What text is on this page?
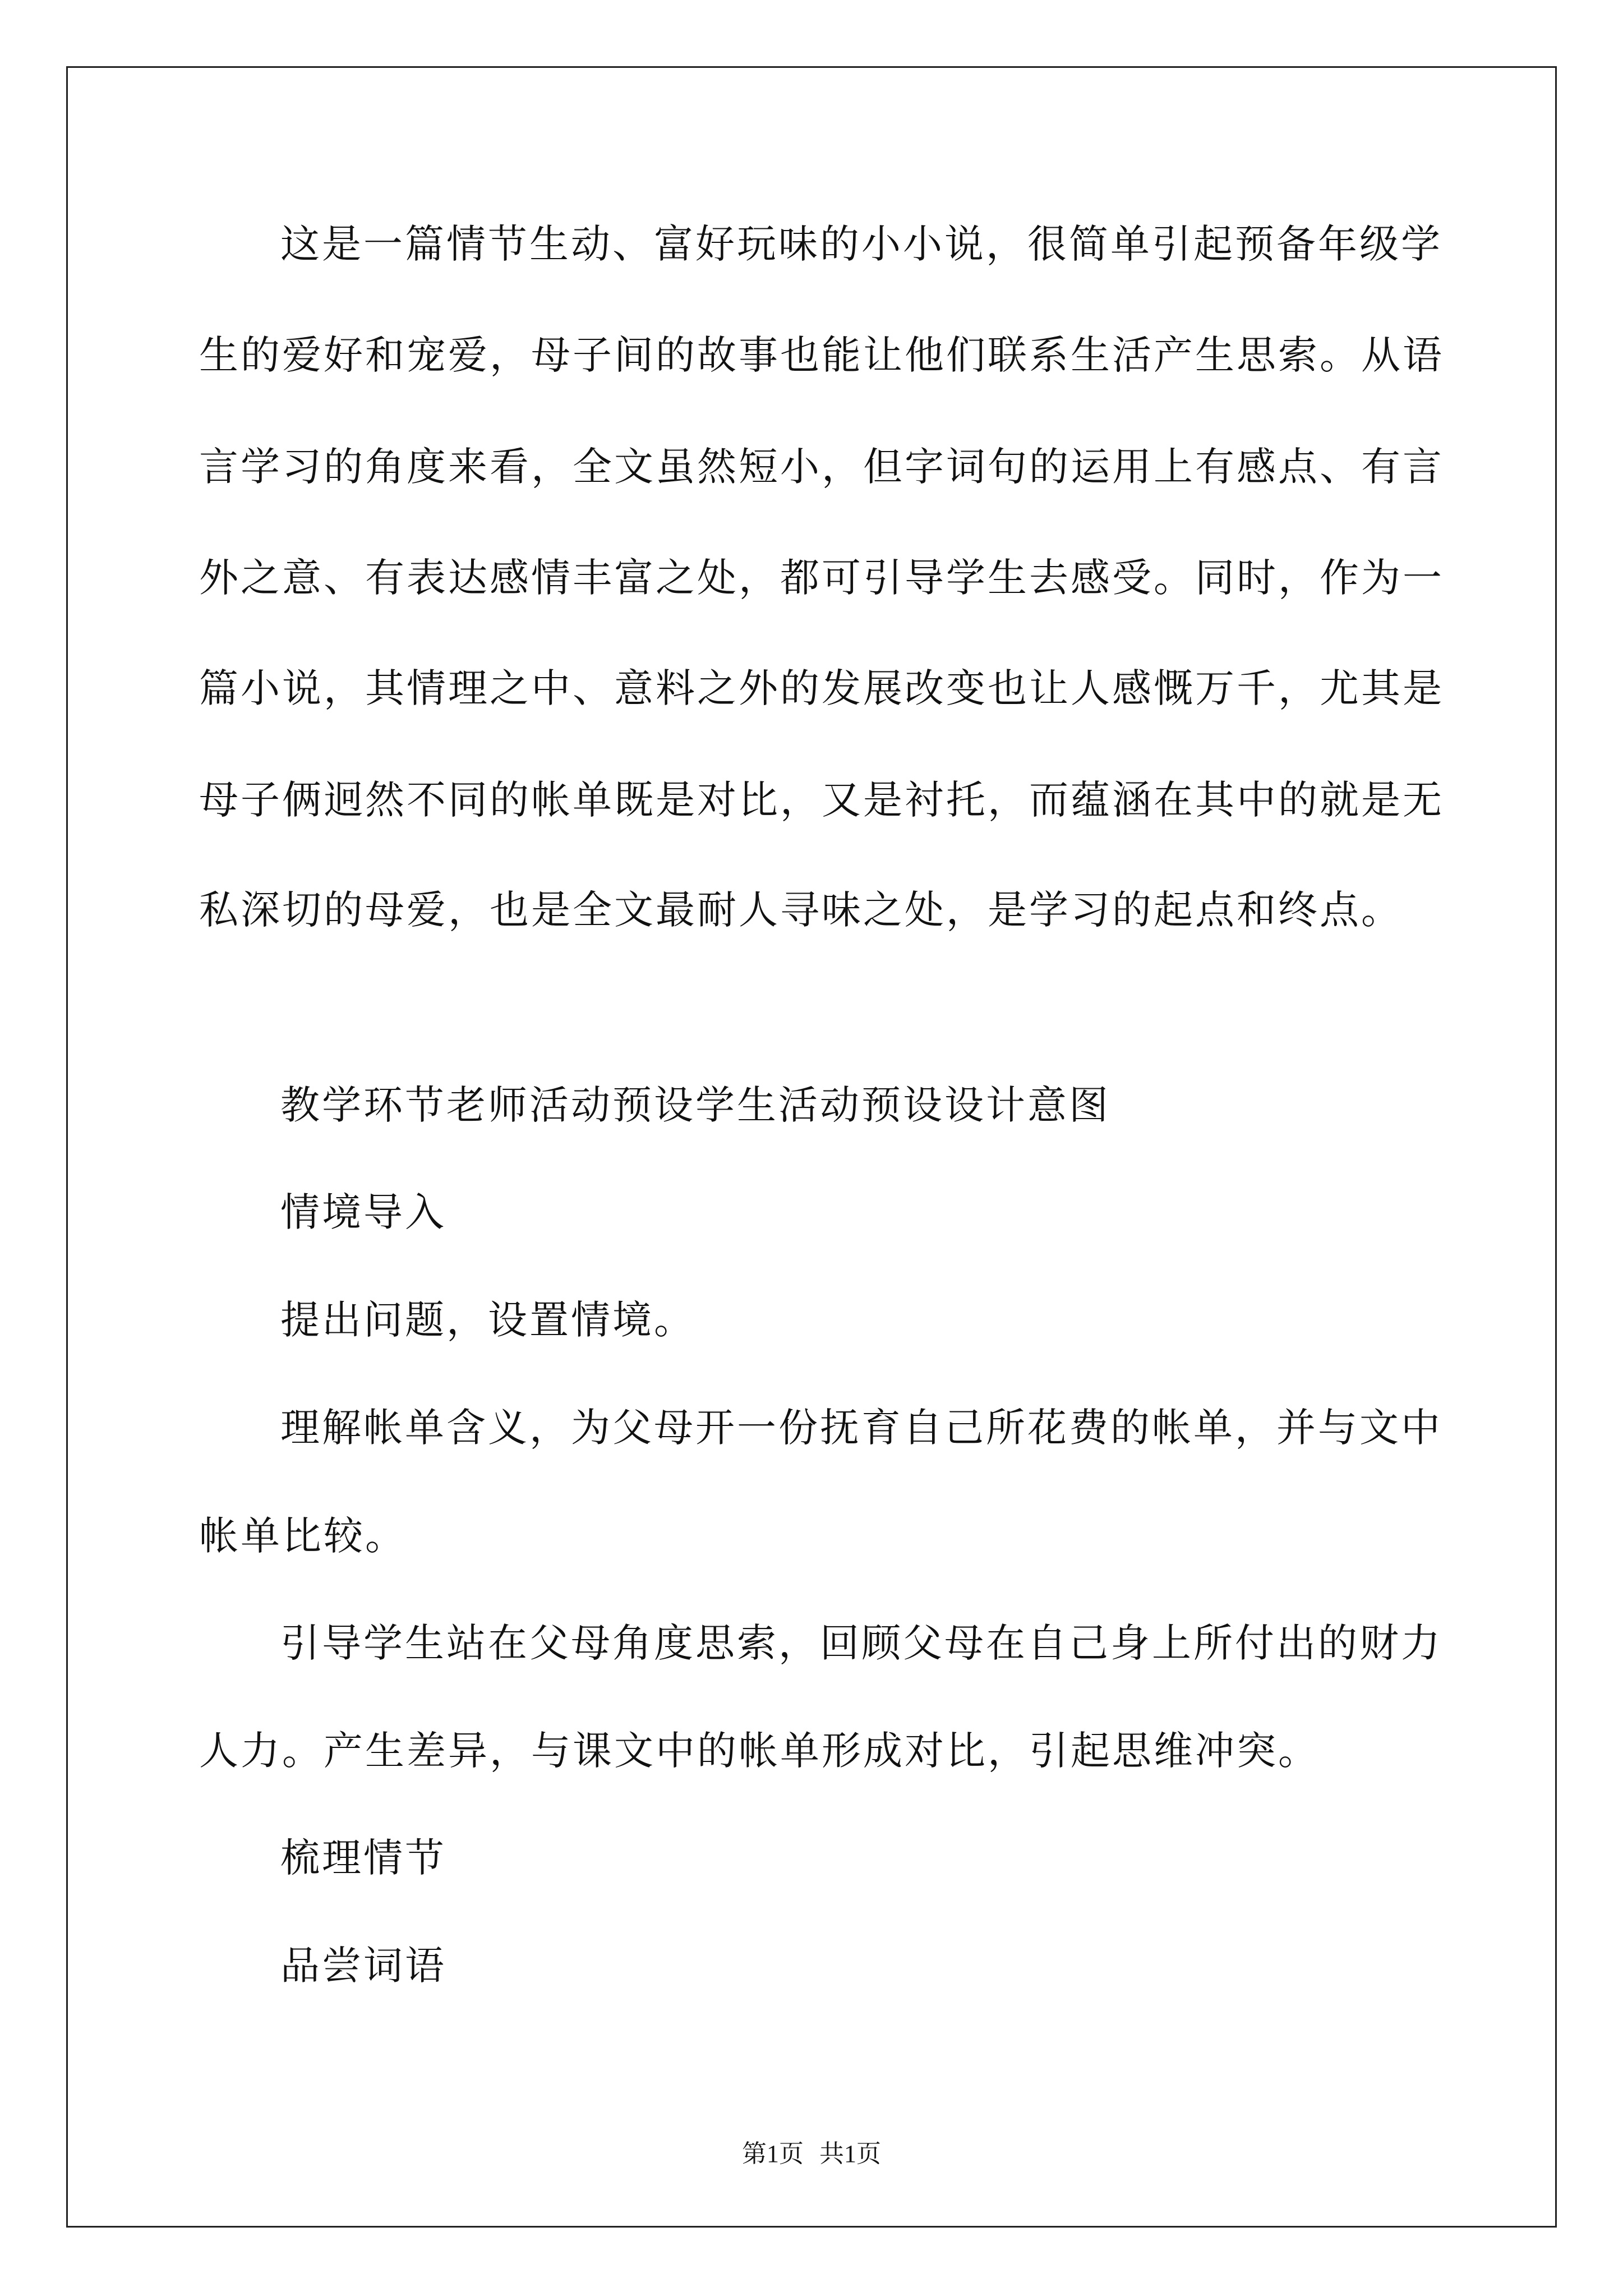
这是一篇情节生动、富好玩味的小小说，很简单引起预备年级学
生的爱好和宠爱，母子间的故事也能让他们联系生活产生思索。从语
言学习的角度来看，全文虽然短小，但字词句的运用上有感点、有言
外之意、有表达感情丰富之处，都可引导学生去感受。同时，作为一
篇小说，其情理之中、意料之外的发展改变也让人感慨万千，尤其是
母子俩迥然不同的帐单既是对比，又是衬托，而蕴涵在其中的就是无
私深切的母爱，也是全文最耐人寻味之处，是学习的起点和终点。
教学环节老师活动预设学生活动预设设计意图
情境导入
提出问题，设置情境。
理解帐单含义，为父母开一份抚育自己所花费的帐单，并与文中
帐单比较。
引导学生站在父母角度思索，回顾父母在自己身上所付出的财力
人力。产生差异，与课文中的帐单形成对比，引起思维冲突。
梳理情节
品尝词语
第1页 共1页
